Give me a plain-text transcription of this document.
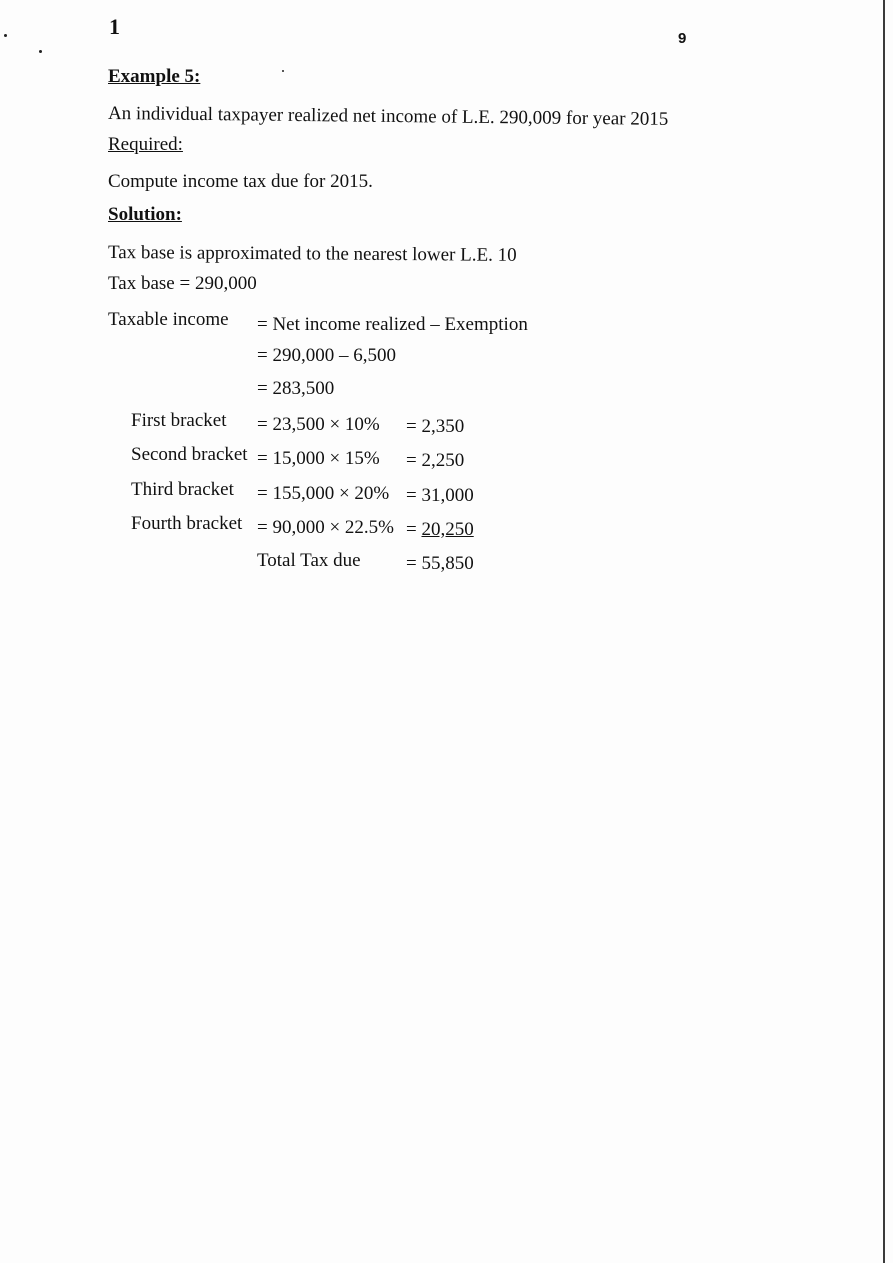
1	9
Example 5:
An individual taxpayer realized net income of L.E. 290,009 for year 2015
Required:
Compute income tax due for 2015.
Solution:
Tax base is approximated to the nearest lower L.E. 10
Tax base = 290,000
Taxable income = Net income realized – Exemption
= 290,000 – 6,500
= 283,500
First bracket = 23,500 × 10% = 2,350
Second bracket = 15,000 × 15% = 2,250
Third bracket = 155,000 × 20% = 31,000
Fourth bracket = 90,000 × 22.5% = 20,250
Total Tax due = 55,850
